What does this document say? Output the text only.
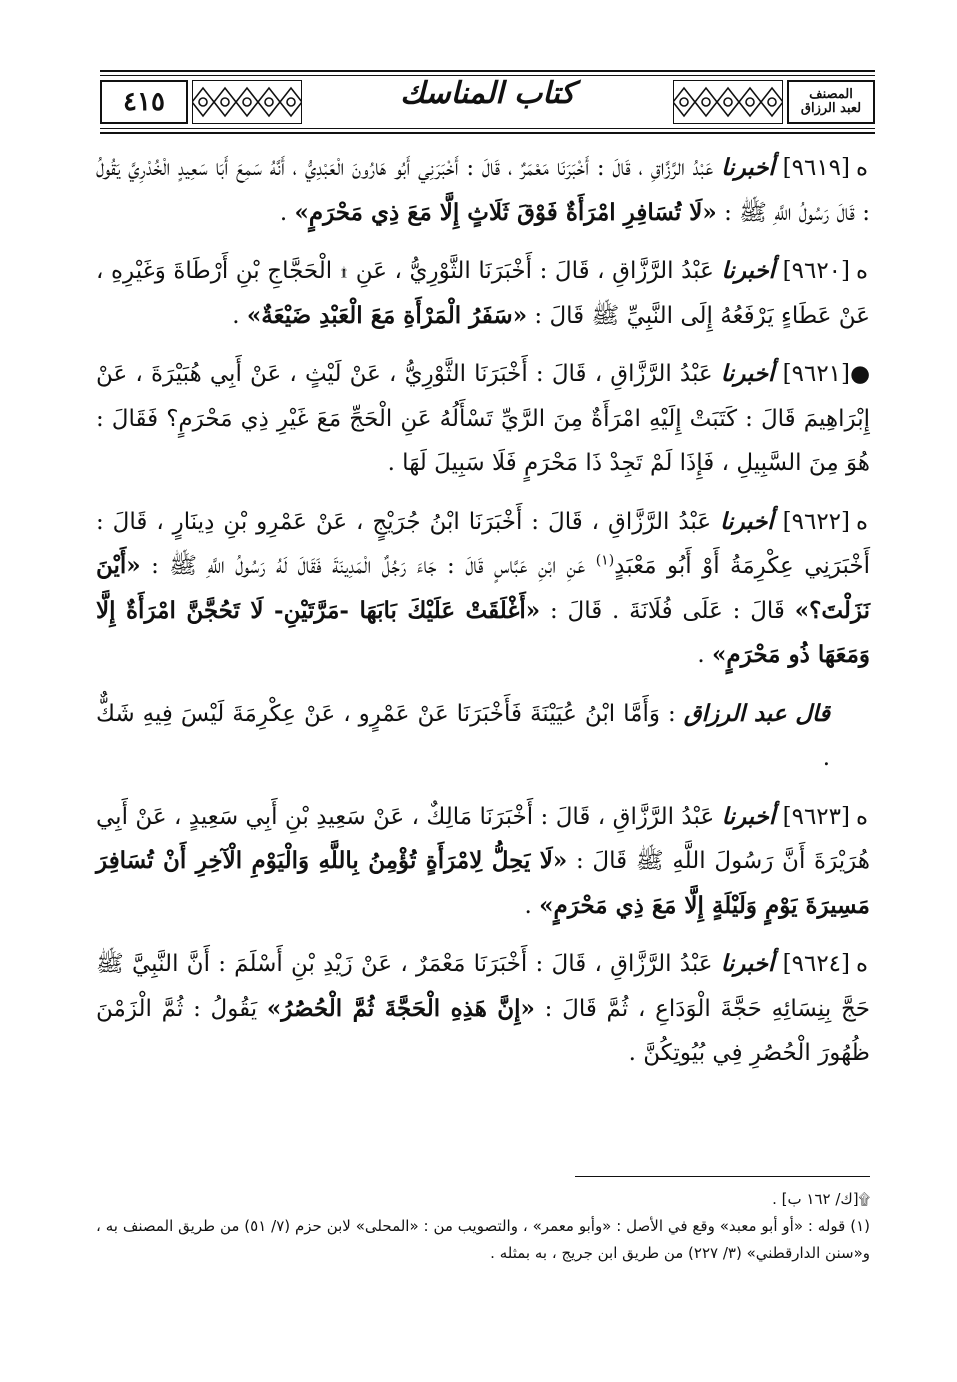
٤١٥	كتاب المناسك	المصنف
لعبد الرزاق

ه[٩٦١٩] أخبرنا عَبْدُ الرَّزَّاقِ ، قَالَ : أَخْبَرَنَا مَعْمَرٌ ، قَالَ : أَخْبَرَنِي أَبُو هَارُونَ الْعَبْدِيُّ ، أَنَّهُ سَمِعَ أَبَا سَعِيدٍ الْخُدْرِيَّ يَقُولُ : قَالَ رَسُولُ اللَّهِ ﷺ : «لَا تُسَافِرِ امْرَأَةٌ فَوْقَ ثَلَاثٍ إِلَّا مَعَ ذِي مَحْرَمٍ» .

ه[٩٦٢٠] أخبرنا عَبْدُ الرَّزَّاقِ ، قَالَ : أَخْبَرَنَا الثَّوْرِيُّ ، عَنِ ۩ الْحَجَّاجِ بْنِ أَرْطَاةَ وَغَيْرِهِ ، عَنْ عَطَاءٍ يَرْفَعُهُ إِلَى النَّبِيِّ ﷺ قَالَ : «سَفَرُ الْمَرْأَةِ مَعَ الْعَبْدِ ضَيْعَةٌ» .

●[٩٦٢١] أخبرنا عَبْدُ الرَّزَّاقِ ، قَالَ : أَخْبَرَنَا الثَّوْرِيُّ ، عَنْ لَيْثٍ ، عَنْ أَبِي هُبَيْرَةَ ، عَنْ إِبْرَاهِيمَ قَالَ : كَتَبَتْ إِلَيْهِ امْرَأَةٌ مِنَ الرَّيِّ تَسْأَلُهُ عَنِ الْحَجِّ مَعَ غَيْرِ ذِي مَحْرَمٍ؟ فَقَالَ : هُوَ مِنَ السَّبِيلِ ، فَإِذَا لَمْ تَجِدْ ذَا مَحْرَمٍ فَلَا سَبِيلَ لَهَا .

ه[٩٦٢٢] أخبرنا عَبْدُ الرَّزَّاقِ ، قَالَ : أَخْبَرَنَا ابْنُ جُرَيْجٍ ، عَنْ عَمْرِو بْنِ دِينَارٍ ، قَالَ : أَخْبَرَنِي عِكْرِمَةُ أَوْ أَبُو مَعْبَدٍ$^{(١)}$ عَنِ ابْنِ عَبَّاسٍ قَالَ : جَاءَ رَجُلٌ الْمَدِينَةَ فَقَالَ لَهُ رَسُولُ اللَّهِ ﷺ : «أَيْنَ نَزَلْتَ؟» قَالَ : عَلَى فُلَانَةَ . قَالَ : «أَغْلَقَتْ عَلَيْكَ بَابَهَا -مَرَّتَيْنِ- لَا تَحُجَّنَّ امْرَأَةٌ إِلَّا وَمَعَهَا ذُو مَحْرَمٍ» .

قال عبد الرزاق : وَأَمَّا ابْنُ عُيَيْنَةَ فَأَخْبَرَنَا عَنْ عَمْرٍو ، عَنْ عِكْرِمَةَ لَيْسَ فِيهِ شَكٌّ .

ه[٩٦٢٣] أخبرنا عَبْدُ الرَّزَّاقِ ، قَالَ : أَخْبَرَنَا مَالِكٌ ، عَنْ سَعِيدِ بْنِ أَبِي سَعِيدٍ ، عَنْ أَبِي هُرَيْرَةَ أَنَّ رَسُولَ اللَّهِ ﷺ قَالَ : «لَا يَحِلُّ لِامْرَأَةٍ تُؤْمِنُ بِاللَّهِ وَالْيَوْمِ الْآخِرِ أَنْ تُسَافِرَ مَسِيرَةَ يَوْمٍ وَلَيْلَةٍ إِلَّا مَعَ ذِي مَحْرَمٍ» .

ه[٩٦٢٤] أخبرنا عَبْدُ الرَّزَّاقِ ، قَالَ : أَخْبَرَنَا مَعْمَرٌ ، عَنْ زَيْدِ بْنِ أَسْلَمَ : أَنَّ النَّبِيَّ ﷺ حَجَّ بِنِسَائِهِ حَجَّةَ الْوَدَاعِ ، ثُمَّ قَالَ : «إِنَّ هَذِهِ الْحَجَّةَ ثُمَّ الْحُصُرُ» يَقُولُ : ثُمَّ الْزَمْنَ ظُهُورَ الْحُصُرِ فِي بُيُوتِكُنَّ .

۩[ك/ ١٦٢ ب] .

(١) قوله : «أو أبو معبد» وقع في الأصل : «وأبو معمر» ، والتصويب من : «المحلى» لابن حزم (٧/ ٥١) من طريق المصنف به ، و«سنن الدارقطني» (٣/ ٢٢٧) من طريق ابن جريج ، به بمثله .
